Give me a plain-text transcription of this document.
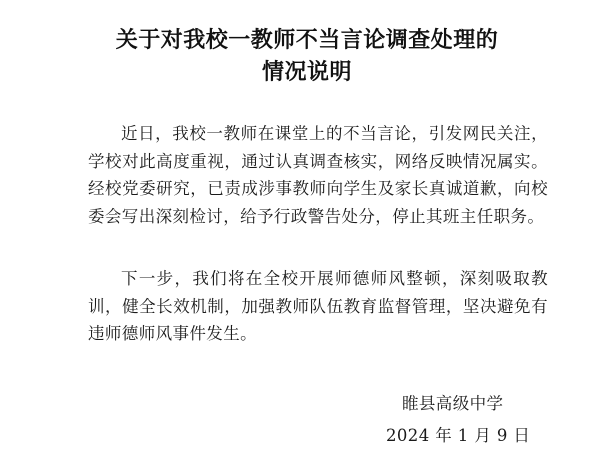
关于对我校一教师不当言论调查处理的
情况说明

近日，我校一教师在课堂上的不当言论，引发网民关注，学校对此高度重视，通过认真调查核实，网络反映情况属实。经校党委研究，已责成涉事教师向学生及家长真诚道歉，向校委会写出深刻检讨，给予行政警告处分，停止其班主任职务。

下一步，我们将在全校开展师德师风整顿，深刻吸取教训，健全长效机制，加强教师队伍教育监督管理，坚决避免有违师德师风事件发生。

睢县高级中学
2024 年 1 月 9 日
